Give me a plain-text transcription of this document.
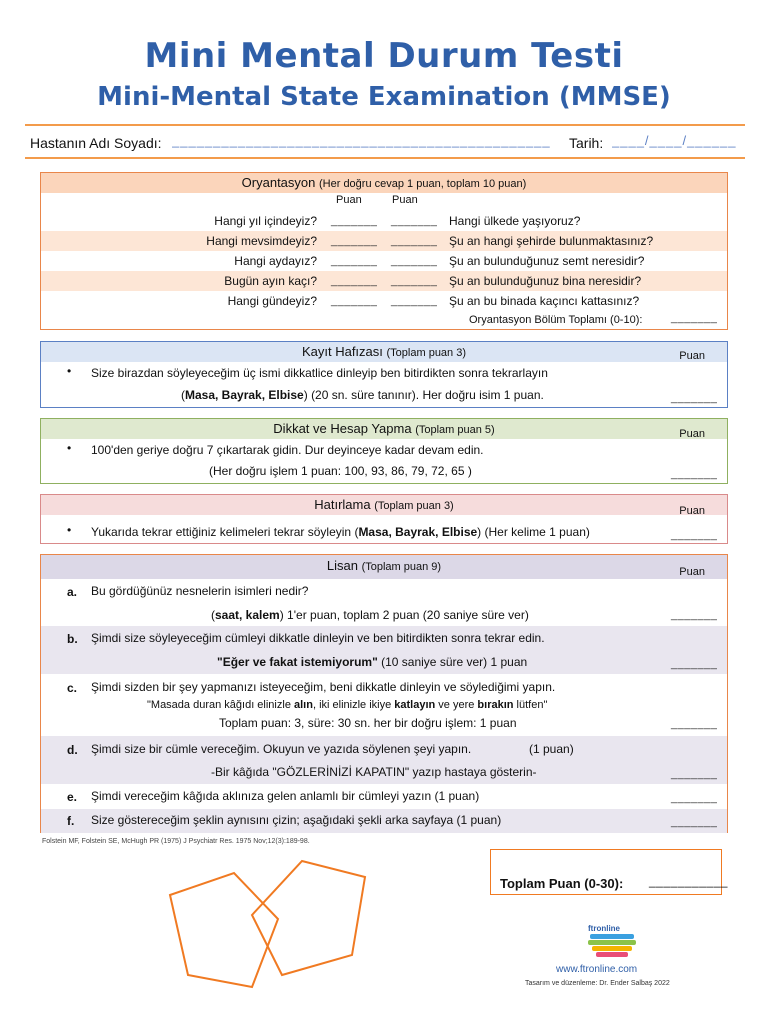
Mini Mental Durum Testi
Mini-Mental State Examination (MMSE)
Hastanın Adı Soyadı: ______________________________________________	Tarih: ____/____/______
Oryantasyon (Her doğru cevap 1 puan, toplam 10 puan)
Puan	Puan
Hangi yıl içindeyiz? _______ _______ Hangi ülkede yaşıyoruz?
Hangi mevsimdeyiz? _______ _______ Şu an hangi şehirde bulunmaktasınız?
Hangi aydayız? _______ _______ Şu an bulunduğunuz semt neresidir?
Bugün ayın kaçı? _______ _______ Şu an bulunduğunuz bina neresidir?
Hangi gündeyiz? _______ _______ Şu an bu binada kaçıncı kattasınız?
Oryantasyon Bölüm Toplamı (0-10):	_______
Kayıt Hafızası (Toplam puan 3)	Puan
• Size birazdan söyleyeceğim üç ismi dikkatlice dinleyip ben bitirdikten sonra tekrarlayın
(Masa, Bayrak, Elbise) (20 sn. süre tanınır). Her doğru isim 1 puan.	_______
Dikkat ve Hesap Yapma (Toplam puan 5)	Puan
• 100'den geriye doğru 7 çıkartarak gidin. Dur deyinceye kadar devam edin.
(Her doğru işlem 1 puan: 100, 93, 86, 79, 72, 65 )	_______
Hatırlama (Toplam puan 3)	Puan
• Yukarıda tekrar ettiğiniz kelimeleri tekrar söyleyin (Masa, Bayrak, Elbise) (Her kelime 1 puan)	_______
Lisan (Toplam puan 9)	Puan
a. Bu gördüğünüz nesnelerin isimleri nedir?
(saat, kalem) 1'er puan, toplam 2 puan (20 saniye süre ver)	_______
b. Şimdi size söyleyeceğim cümleyi dikkatle dinleyin ve ben bitirdikten sonra tekrar edin.
"Eğer ve fakat istemiyorum" (10 saniye süre ver) 1 puan	_______
c. Şimdi sizden bir şey yapmanızı isteyeceğim, beni dikkatle dinleyin ve söylediğimi yapın.
"Masada duran kâğıdı elinizle alın, iki elinizle ikiye katlayın ve yere bırakın lütfen"
Toplam puan: 3, süre: 30 sn. her bir doğru işlem: 1 puan	_______
d. Şimdi size bir cümle vereceğim. Okuyun ve yazıda söylenen şeyi yapın.	(1 puan)
-Bir kâğıda "GÖZLERİNİZİ KAPATIN" yazıp hastaya gösterin-	_______
e. Şimdi vereceğim kâğıda aklınıza gelen anlamlı bir cümleyi yazın (1 puan)	_______
f. Size göstereceğim şeklin aynısını çizin; aşağıdaki şekli arka sayfaya (1 puan)	_______
Folstein MF, Folstein SE, McHugh PR (1975) J Psychiatr Res. 1975 Nov;12(3):189-98.
Toplam Puan (0-30): ___________
ftronline
www.ftronline.com
Tasarım ve düzenleme: Dr. Ender Salbaş 2022
